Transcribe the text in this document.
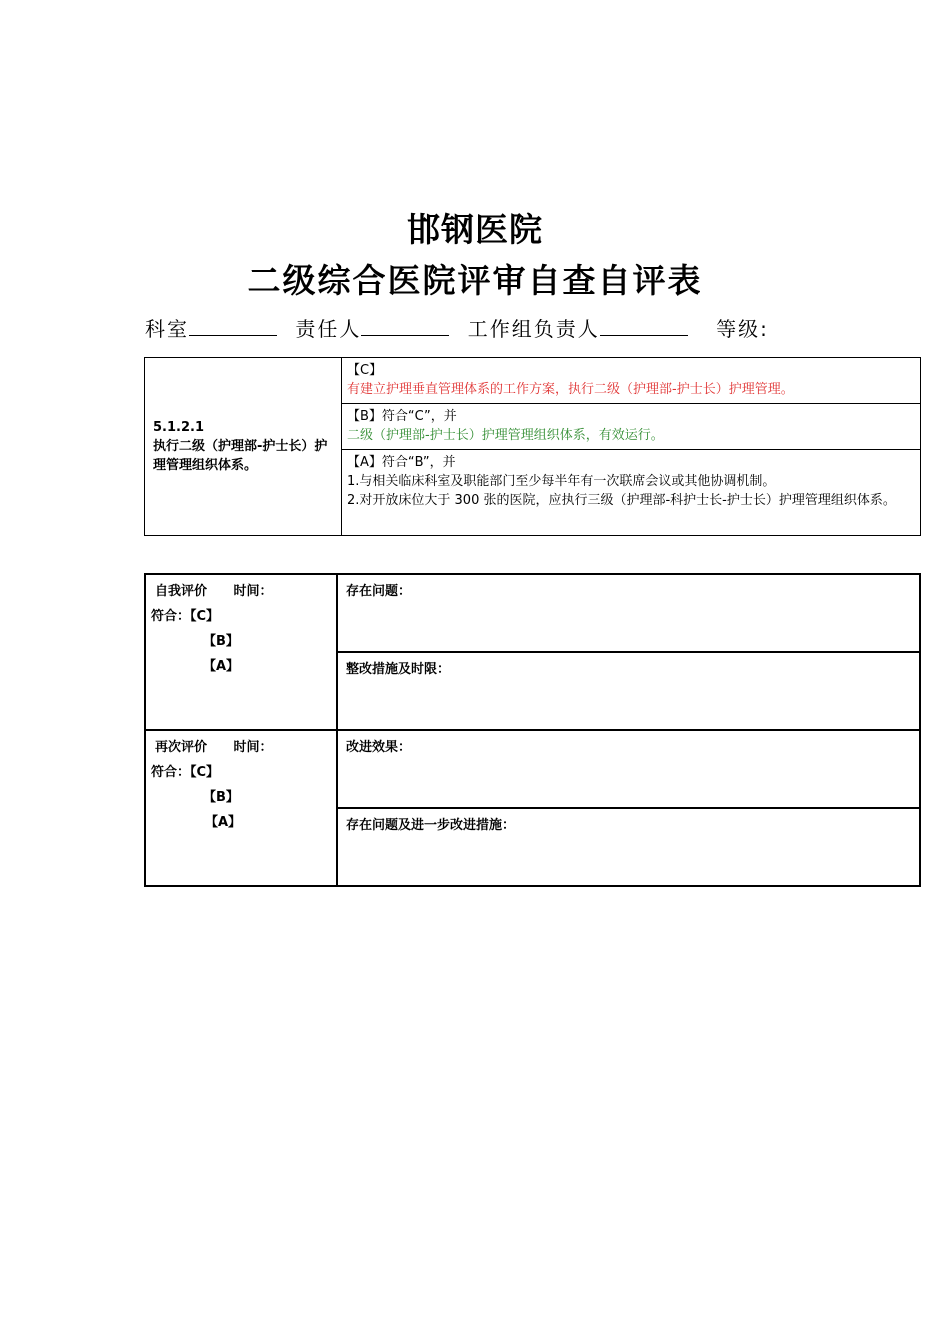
邯钢医院
二级综合医院评审自查自评表
科室	责任人	工作组负责人	等级:
5.1.2.1
执行二级（护理部-护士长）护理管理组织体系。

【C】
有建立护理垂直管理体系的工作方案，执行二级（护理部-护士长）护理管理。

【B】符合“C”，并
二级（护理部-护士长）护理管理组织体系，有效运行。

【A】符合“B”，并
1.与相关临床科室及职能部门至少每半年有一次联席会议或其他协调机制。
2.对开放床位大于 300 张的医院，应执行三级（护理部-科护士长-护士长）护理管理组织体系。
自我评价 时间：
符合：【C】
【B】
【A】	存在问题：
	整改措施及时限：

再次评价 时间：
符合：【C】
【B】
【A】	改进效果：
	存在问题及进一步改进措施：
